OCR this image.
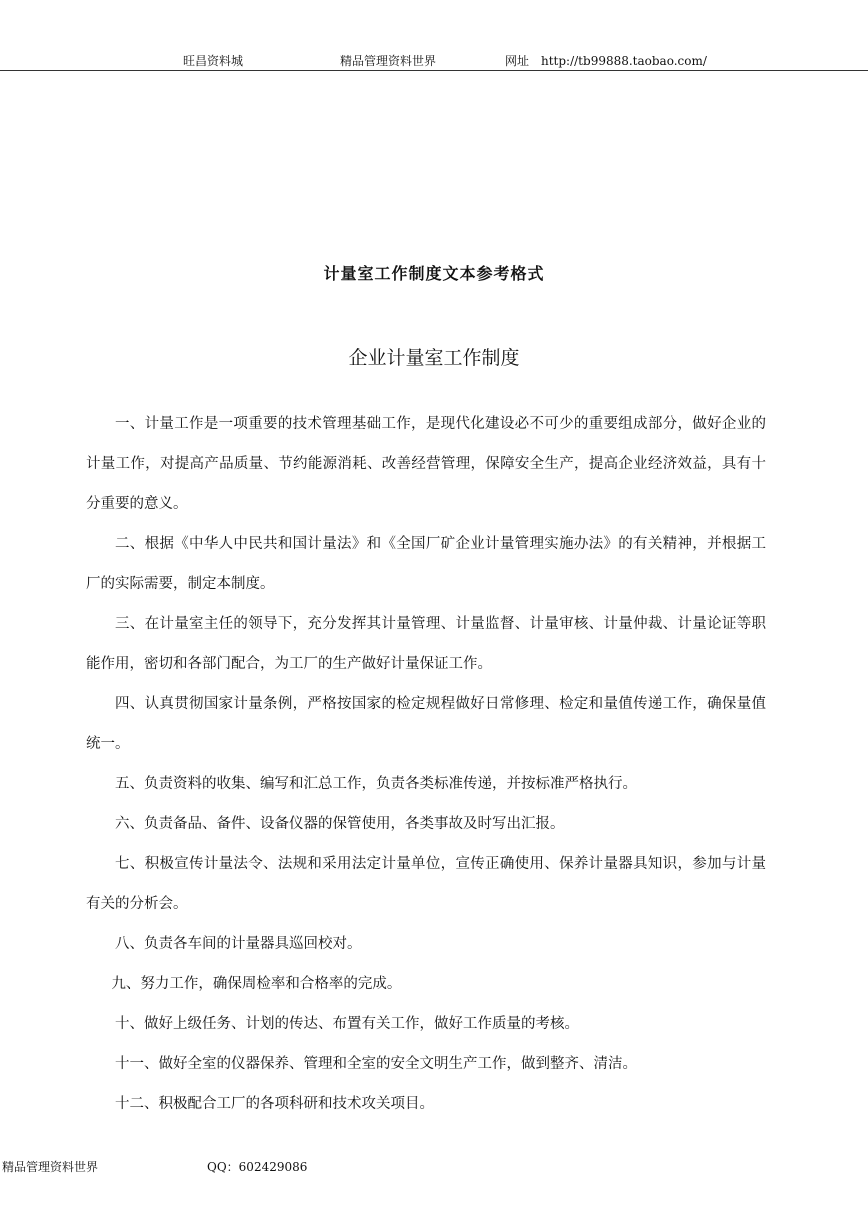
旺昌资料城	精品管理资料世界	网址　http://tb99888.taobao.com/
计量室工作制度文本参考格式
企业计量室工作制度

一、计量工作是一项重要的技术管理基础工作，是现代化建设必不可少的重要组成部分，做好企业的计量工作，对提高产品质量、节约能源消耗、改善经营管理，保障安全生产，提高企业经济效益，具有十分重要的意义。

二、根据《中华人中民共和国计量法》和《全国厂矿企业计量管理实施办法》的有关精神，并根据工厂的实际需要，制定本制度。

三、在计量室主任的领导下，充分发挥其计量管理、计量监督、计量审核、计量仲裁、计量论证等职能作用，密切和各部门配合，为工厂的生产做好计量保证工作。

四、认真贯彻国家计量条例，严格按国家的检定规程做好日常修理、检定和量值传递工作，确保量值统一。

五、负责资料的收集、编写和汇总工作，负责各类标准传递，并按标准严格执行。

六、负责备品、备件、设备仪器的保管使用，各类事故及时写出汇报。

七、积极宣传计量法令、法规和采用法定计量单位，宣传正确使用、保养计量器具知识，参加与计量有关的分析会。

八、负责各车间的计量器具巡回校对。

九、努力工作，确保周检率和合格率的完成。

十、做好上级任务、计划的传达、布置有关工作，做好工作质量的考核。

十一、做好全室的仪器保养、管理和全室的安全文明生产工作，做到整齐、清洁。

十二、积极配合工厂的各项科研和技术攻关项目。

精品管理资料世界	QQ：602429086
